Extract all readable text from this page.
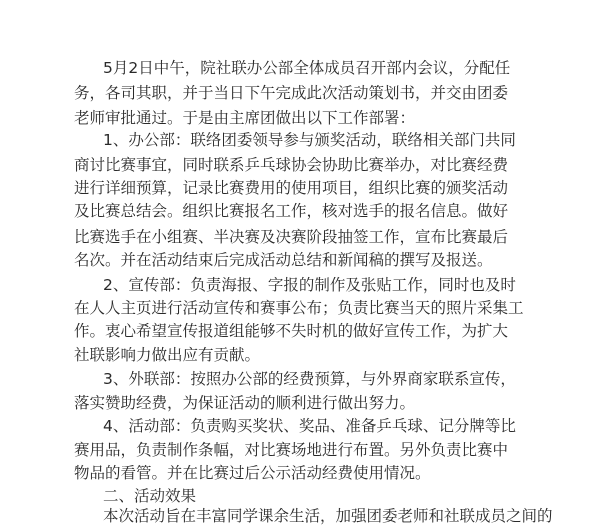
5月2日中午，院社联办公部全体成员召开部内会议，分配任
务，各司其职，并于当日下午完成此次活动策划书，并交由团委
老师审批通过。于是由主席团做出以下工作部署：
1、办公部：联络团委领导参与颁奖活动，联络相关部门共同
商讨比赛事宜，同时联系乒乓球协会协助比赛举办，对比赛经费
进行详细预算，记录比赛费用的使用项目，组织比赛的颁奖活动
及比赛总结会。组织比赛报名工作，核对选手的报名信息。做好
比赛选手在小组赛、半决赛及决赛阶段抽签工作，宣布比赛最后
名次。并在活动结束后完成活动总结和新闻稿的撰写及报送。
2、宣传部：负责海报、字报的制作及张贴工作，同时也及时
在人人主页进行活动宣传和赛事公布；负责比赛当天的照片采集工
作。衷心希望宣传报道组能够不失时机的做好宣传工作，为扩大
社联影响力做出应有贡献。
3、外联部：按照办公部的经费预算，与外界商家联系宣传，
落实赞助经费，为保证活动的顺利进行做出努力。
4、活动部：负责购买奖状、奖品、准备乒乓球、记分牌等比
赛用品，负责制作条幅，对比赛场地进行布置。另外负责比赛中
物品的看管。并在比赛过后公示活动经费使用情况。
二、活动效果
本次活动旨在丰富同学课余生活，加强团委老师和社联成员之间的
